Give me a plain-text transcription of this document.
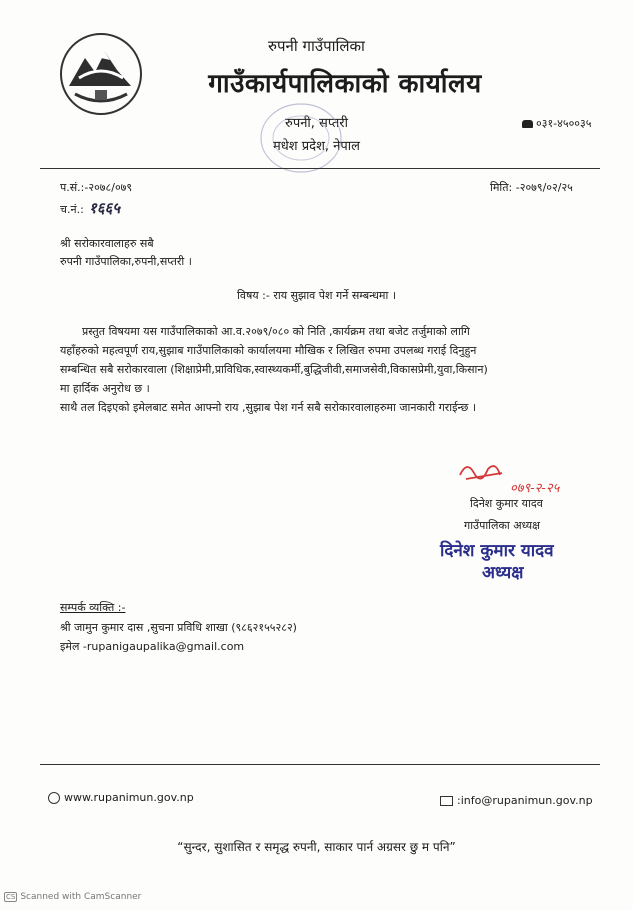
रुपनी गाउँपालिका
गाउँकार्यपालिकाको कार्यालय
रुपनी, सप्तरी
मधेश प्रदेश, नेपाल
०३१-४५००३५
प.सं.:-२०७८/०७९	मिति: -२०७९/०२/२५
च.नं.: १६६५
श्री सरोकारवालाहरु सबै
रुपनी गाउँपालिका,रुपनी,सप्तरी ।
विषय :- राय सुझाव पेश गर्ने सम्बन्धमा ।
प्रस्तुत विषयमा यस गाउँपालिकाको आ.व.२०७९/०८० को निति ,कार्यक्रम तथा बजेट तर्जुमाको लागि
यहाँहरुको महत्वपूर्ण राय,सुझाब गाउँपालिकाको कार्यालयमा मौखिक र लिखित रुपमा उपलब्ध गराई दिनुहुन
सम्बन्धित सबै सरोकारवाला (शिक्षाप्रेमी,प्राविधिक,स्वास्थ्यकर्मी,बुद्धिजीवी,समाजसेवी,विकासप्रेमी,युवा,किसान)
मा हार्दिक अनुरोध छ ।
साथै तल दिइएको इमेलबाट समेत आफ्नो राय ,सुझाब पेश गर्न सबै सरोकारवालाहरुमा जानकारी गराईन्छ ।
०७९-२-२५
दिनेश कुमार यादव
गाउँपालिका अध्यक्ष
दिनेश कुमार यादव
अध्यक्ष
सम्पर्क व्यक्ति :-
श्री जामुन कुमार दास ,सुचना प्रविधि शाखा (९८६२१५५२८२)
इमेल -rupanigaupalika@gmail.com
www.rupanimun.gov.np	:info@rupanimun.gov.np
“सुन्दर, सुशासित र समृद्ध रुपनी, साकार पार्न अग्रसर छु म पनि”
CS Scanned with CamScanner
